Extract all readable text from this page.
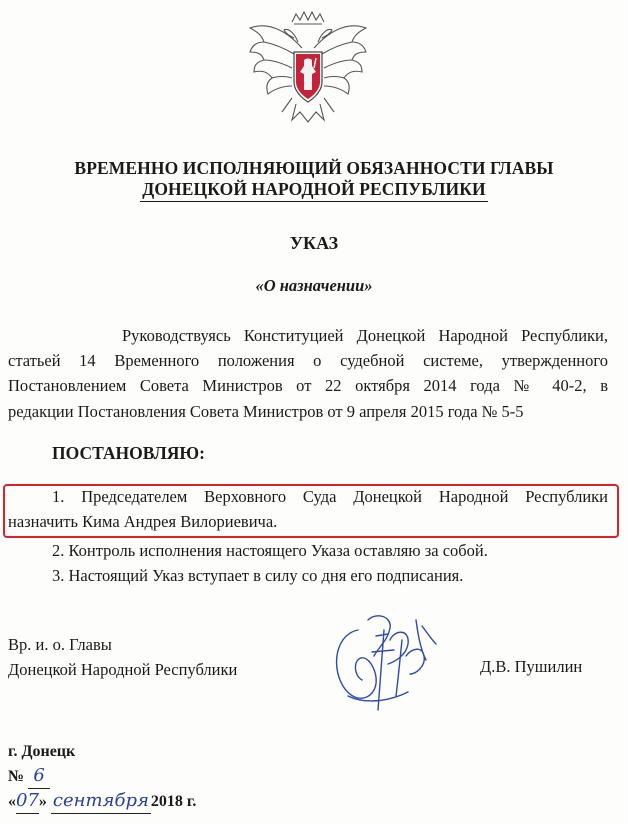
ВРЕМЕННО ИСПОЛНЯЮЩИЙ ОБЯЗАННОСТИ ГЛАВЫ
ДОНЕЦКОЙ НАРОДНОЙ РЕСПУБЛИКИ
УКАЗ
«О назначении»
Руководствуясь Конституцией Донецкой Народной Республики,
статьей 14 Временного положения о судебной системе, утвержденного
Постановлением Совета Министров от 22 октября 2014 года № 40-2, в
редакции Постановления Совета Министров от 9 апреля 2015 года № 5-5
ПОСТАНОВЛЯЮ:
1. Председателем Верховного Суда Донецкой Народной Республики
назначить Кима Андрея Вилориевича.
2. Контроль исполнения настоящего Указа оставляю за собой.
3. Настоящий Указ вступает в силу со дня его подписания.
Вр. и. о. Главы
Донецкой Народной Республики	Д.В. Пушилин
г. Донецк
№ 6
«07» сентября 2018 г.
